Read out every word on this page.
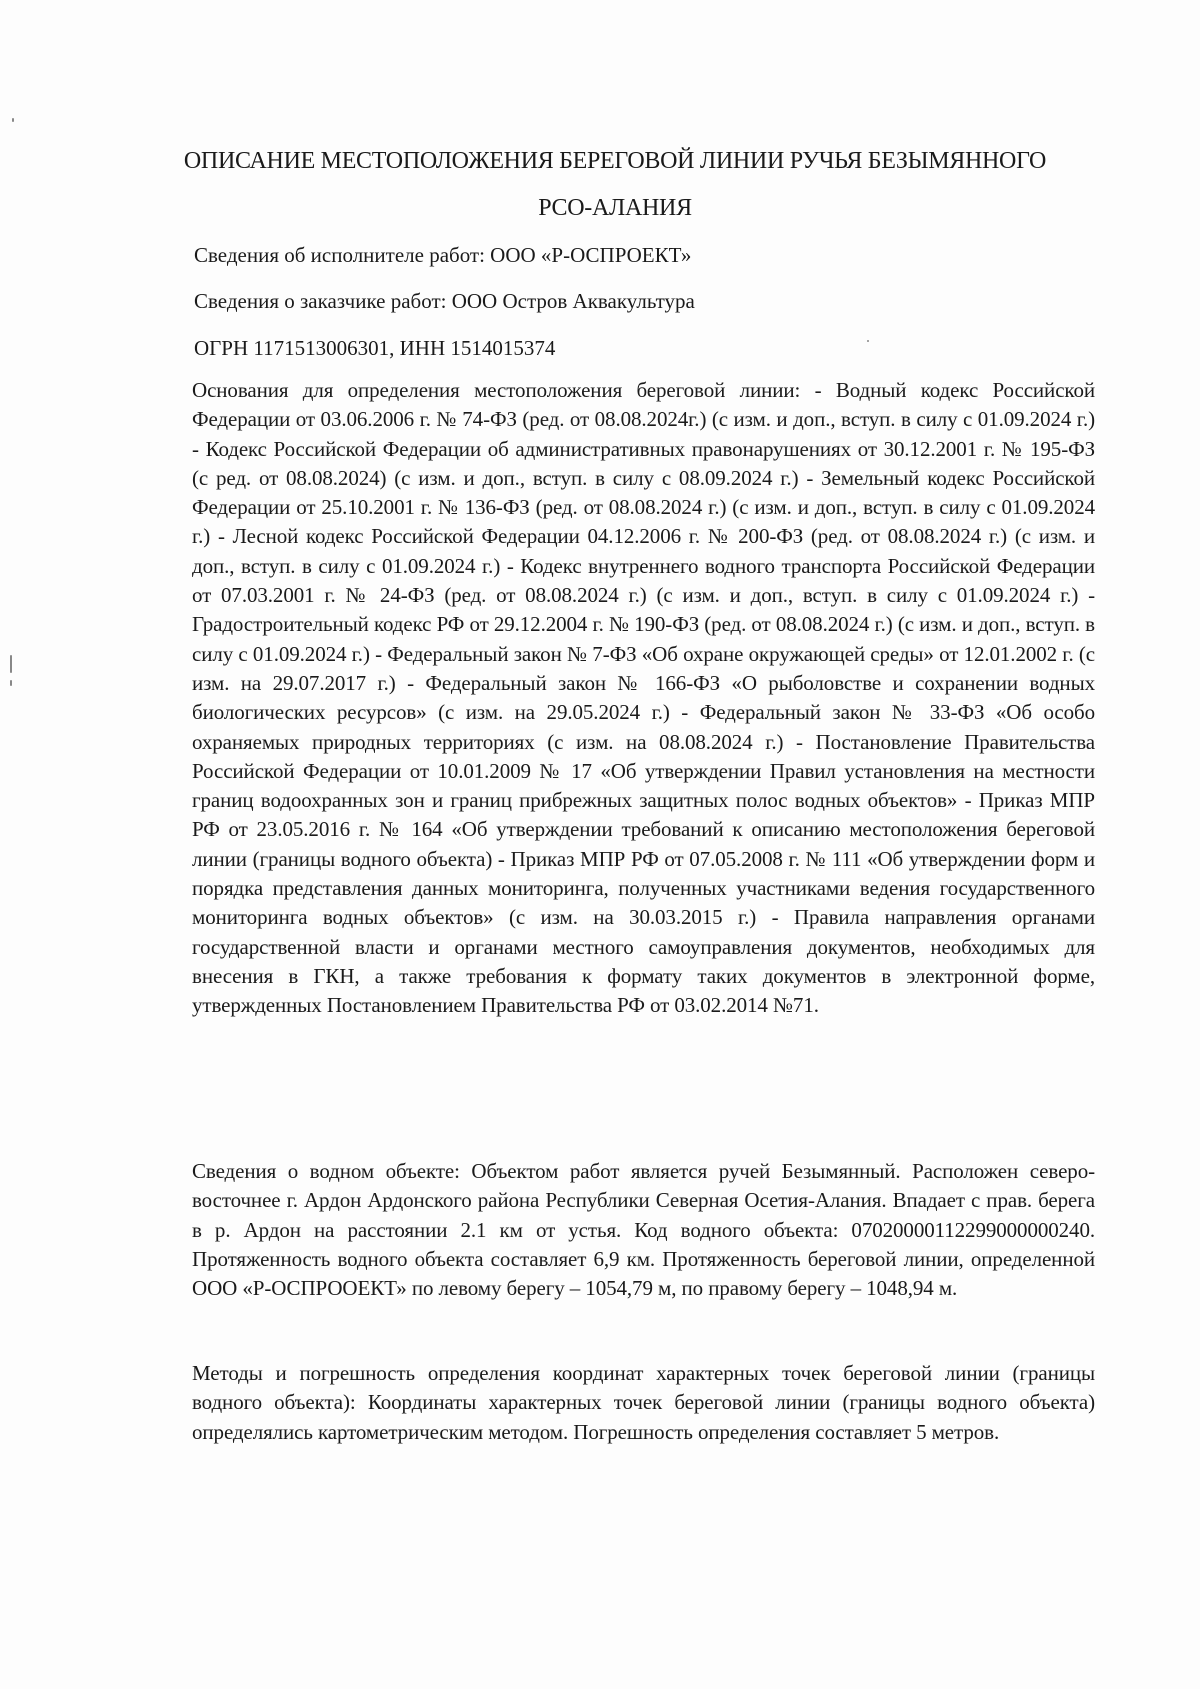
ОПИСАНИЕ МЕСТОПОЛОЖЕНИЯ БЕРЕГОВОЙ ЛИНИИ РУЧЬЯ БЕЗЫМЯННОГО
РСО-АЛАНИЯ

Сведения об исполнителе работ: ООО «Р-ОСПРОЕКТ»

Сведения о заказчике работ: ООО Остров Аквакультура

ОГРН 1171513006301, ИНН 1514015374

Основания для определения местоположения береговой линии: - Водный кодекс Российской Федерации от 03.06.2006 г. № 74-ФЗ (ред. от 08.08.2024г.) (с изм. и доп., вступ. в силу с 01.09.2024 г.) - Кодекс Российской Федерации об административных правонарушениях от 30.12.2001 г. № 195-ФЗ (с ред. от 08.08.2024) (с изм. и доп., вступ. в силу с 08.09.2024 г.) - Земельный кодекс Российской Федерации от 25.10.2001 г. № 136-ФЗ (ред. от 08.08.2024 г.) (с изм. и доп., вступ. в силу с 01.09.2024 г.) - Лесной кодекс Российской Федерации 04.12.2006 г. № 200-ФЗ (ред. от 08.08.2024 г.) (с изм. и доп., вступ. в силу с 01.09.2024 г.) - Кодекс внутреннего водного транспорта Российской Федерации от 07.03.2001 г. № 24-ФЗ (ред. от 08.08.2024 г.) (с изм. и доп., вступ. в силу с 01.09.2024 г.) - Градостроительный кодекс РФ от 29.12.2004 г. № 190-ФЗ (ред. от 08.08.2024 г.) (с изм. и доп., вступ. в силу с 01.09.2024 г.) - Федеральный закон № 7-ФЗ «Об охране окружающей среды» от 12.01.2002 г. (с изм. на 29.07.2017 г.) - Федеральный закон № 166-ФЗ «О рыболовстве и сохранении водных биологических ресурсов» (с изм. на 29.05.2024 г.) - Федеральный закон № 33-ФЗ «Об особо охраняемых природных территориях (с изм. на 08.08.2024 г.) - Постановление Правительства Российской Федерации от 10.01.2009 № 17 «Об утверждении Правил установления на местности границ водоохранных зон и границ прибрежных защитных полос водных объектов» - Приказ МПР РФ от 23.05.2016 г. № 164 «Об утверждении требований к описанию местоположения береговой линии (границы водного объекта) - Приказ МПР РФ от 07.05.2008 г. № 111 «Об утверждении форм и порядка представления данных мониторинга, полученных участниками ведения государственного мониторинга водных объектов» (с изм. на 30.03.2015 г.) - Правила направления органами государственной власти и органами местного самоуправления документов, необходимых для внесения в ГКН, а также требования к формату таких документов в электронной форме, утвержденных Постановлением Правительства РФ от 03.02.2014 №71.

Сведения о водном объекте: Объектом работ является ручей Безымянный. Расположен северо-восточнее г. Ардон Ардонского района Республики Северная Осетия-Алания. Впадает с прав. берега в р. Ардон на расстоянии 2.1 км от устья. Код водного объекта: 07020000112299000000240. Протяженность водного объекта составляет 6,9 км. Протяженность береговой линии, определенной ООО «Р-ОСПРООЕКТ» по левому берегу – 1054,79 м, по правому берегу – 1048,94 м.

Методы и погрешность определения координат характерных точек береговой линии (границы водного объекта): Координаты характерных точек береговой линии (границы водного объекта) определялись картометрическим методом. Погрешность определения составляет 5 метров.
